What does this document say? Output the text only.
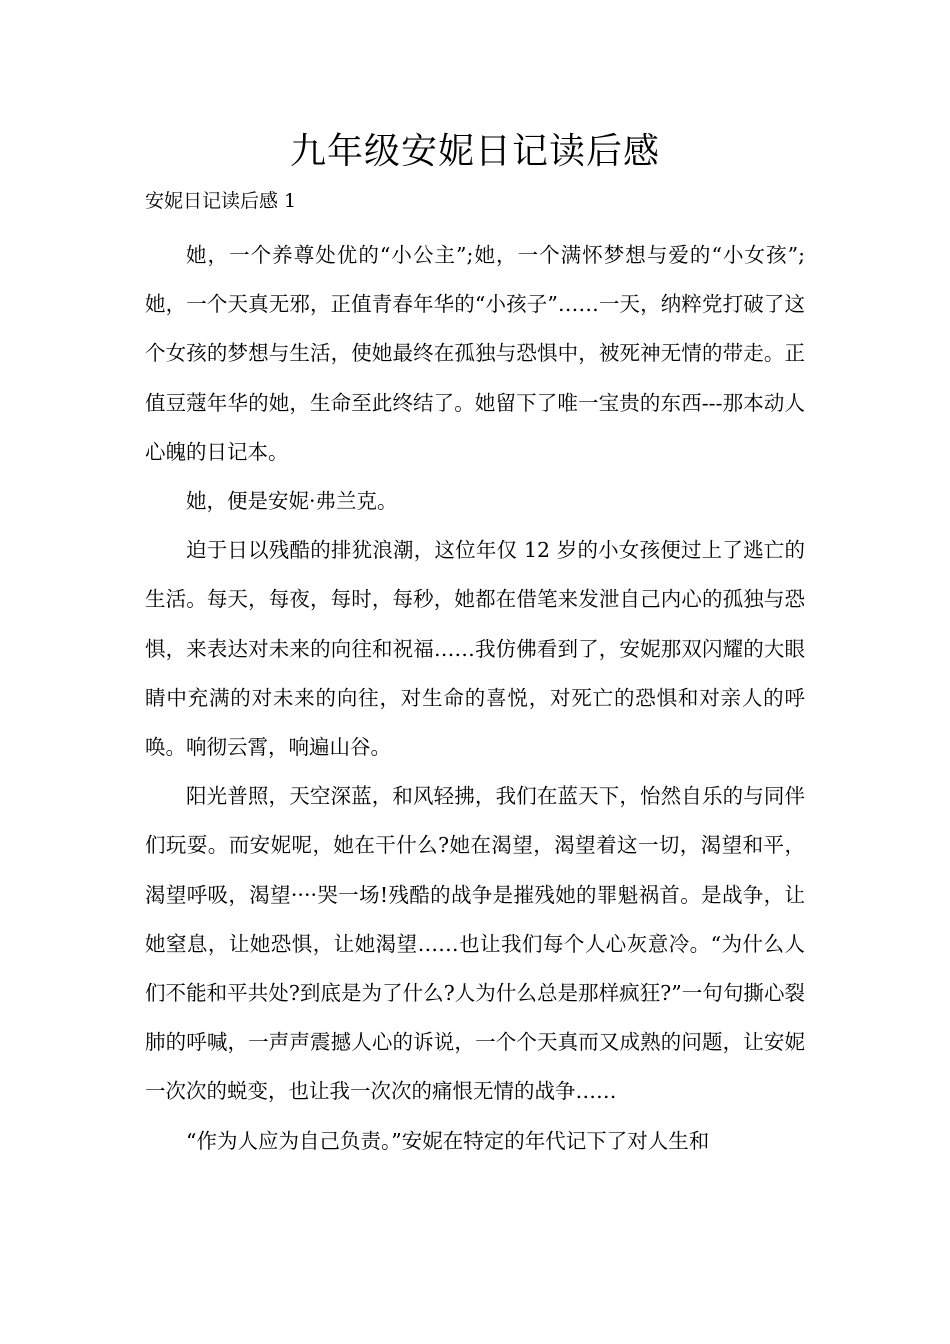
九年级安妮日记读后感

安妮日记读后感 1

她，一个养尊处优的“小公主”;她，一个满怀梦想与爱的“小女孩”;她，一个天真无邪，正值青春年华的“小孩子”……一天，纳粹党打破了这个女孩的梦想与生活，使她最终在孤独与恐惧中，被死神无情的带走。正值豆蔻年华的她，生命至此终结了。她留下了唯一宝贵的东西---那本动人心魄的日记本。

她，便是安妮·弗兰克。

迫于日以残酷的排犹浪潮，这位年仅 12 岁的小女孩便过上了逃亡的生活。每天，每夜，每时，每秒，她都在借笔来发泄自己内心的孤独与恐惧，来表达对未来的向往和祝福……我仿佛看到了，安妮那双闪耀的大眼睛中充满的对未来的向往，对生命的喜悦，对死亡的恐惧和对亲人的呼唤。响彻云霄，响遍山谷。

阳光普照，天空深蓝，和风轻拂，我们在蓝天下，怡然自乐的与同伴们玩耍。而安妮呢，她在干什么?她在渴望，渴望着这一切，渴望和平，渴望呼吸，渴望····哭一场!残酷的战争是摧残她的罪魁祸首。是战争，让她窒息，让她恐惧，让她渴望……也让我们每个人心灰意冷。“为什么人们不能和平共处?到底是为了什么?人为什么总是那样疯狂?”一句句撕心裂肺的呼喊，一声声震撼人心的诉说，一个个天真而又成熟的问题，让安妮一次次的蜕变，也让我一次次的痛恨无情的战争……

“作为人应为自己负责。”安妮在特定的年代记下了对人生和
